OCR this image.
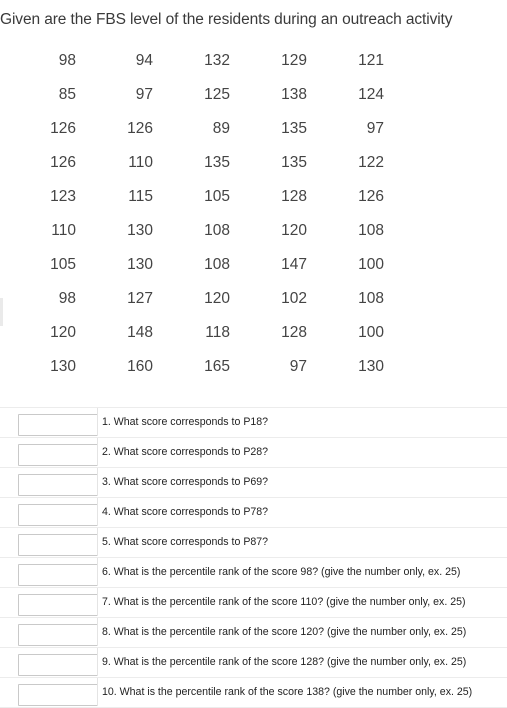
Given are the FBS level of the residents during an outreach activity
98	94	132	129	121
85	97	125	138	124
126	126	89	135	97
126	110	135	135	122
123	115	105	128	126
110	130	108	120	108
105	130	108	147	100
98	127	120	102	108
120	148	118	128	100
130	160	165	97	130
1. What score corresponds to P18?
2. What score corresponds to P28?
3. What score corresponds to P69?
4. What score corresponds to P78?
5. What score corresponds to P87?
6. What is the percentile rank of the score 98? (give the number only, ex. 25)
7. What is the percentile rank of the score 110? (give the number only, ex. 25)
8. What is the percentile rank of the score 120? (give the number only, ex. 25)
9. What is the percentile rank of the score 128? (give the number only, ex. 25)
10. What is the percentile rank of the score 138? (give the number only, ex. 25)
